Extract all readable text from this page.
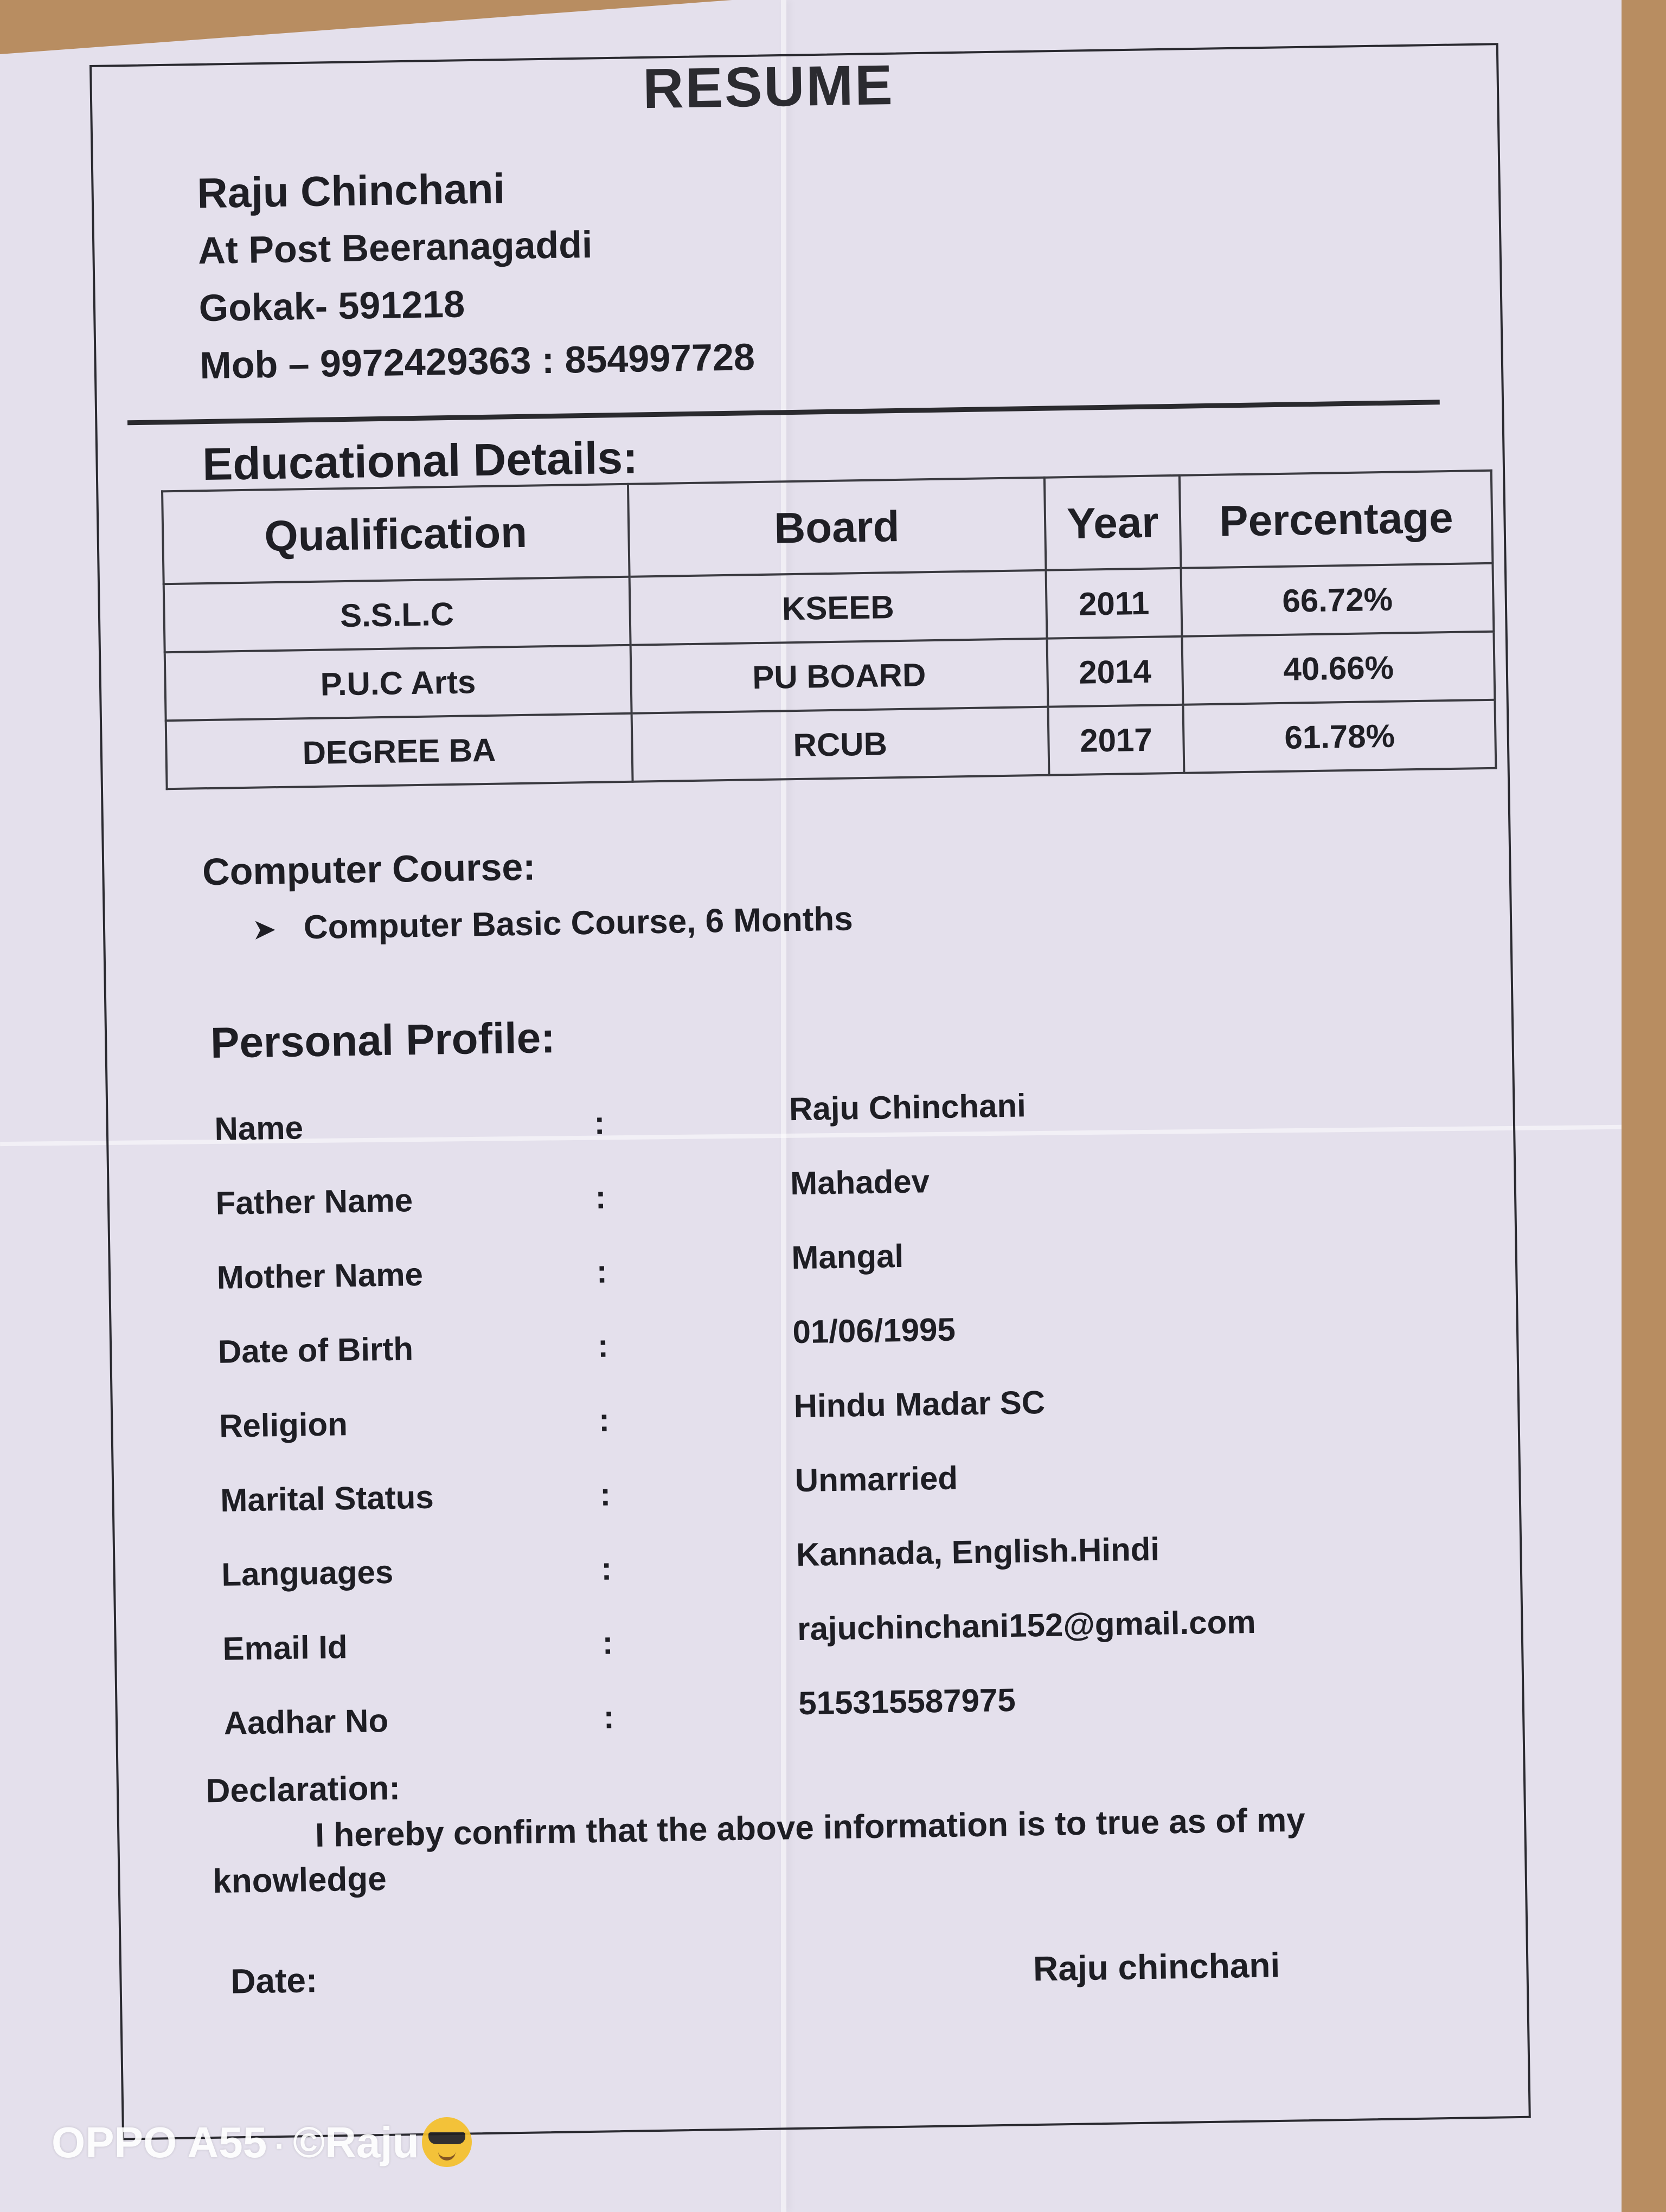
RESUME
Raju Chinchani
At Post Beeranagaddi
Gokak- 591218
Mob – 9972429363 : 854997728
Educational Details:
Qualification	Board	Year	Percentage
S.S.L.C	KSEEB	2011	66.72%
P.U.C Arts	PU BOARD	2014	40.66%
DEGREE BA	RCUB	2017	61.78%
Computer Course:
➤ Computer Basic Course, 6 Months
Personal Profile:
Name	:	Raju Chinchani
Father Name	:	Mahadev
Mother Name	:	Mangal
Date of Birth	:	01/06/1995
Religion	:	Hindu Madar SC
Marital Status	:	Unmarried
Languages	:	Kannada, English.Hindi
Email Id	:	rajuchinchani152@gmail.com
Aadhar No	:	515315587975
Declaration:
I hereby confirm that the above information is to true as of my knowledge
Date:	Raju chinchani
OPPO A55 · ©Raju
